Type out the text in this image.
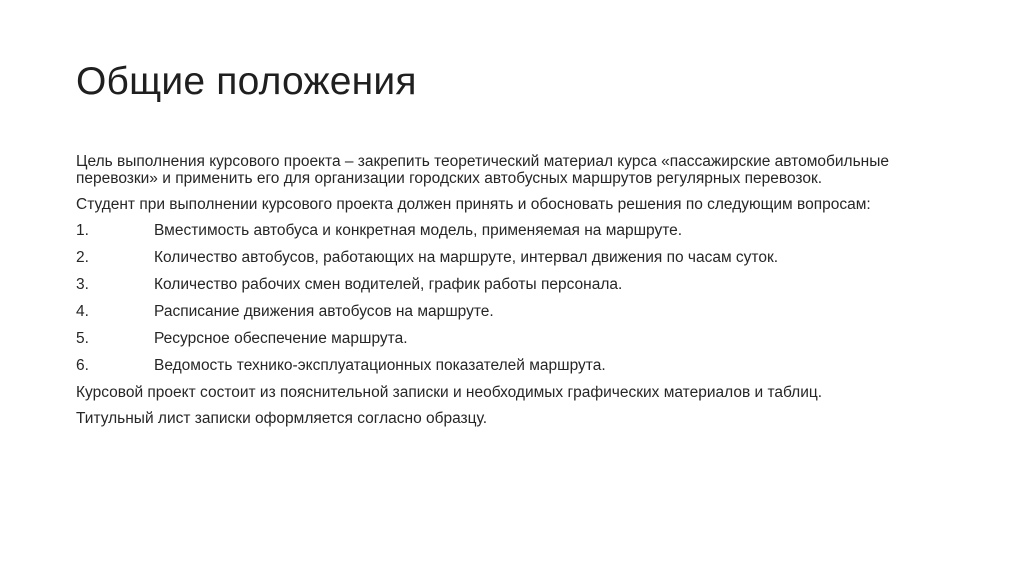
Общие положения

Цель выполнения курсового проекта – закрепить теоретический материал курса «пассажирские автомобильные перевозки» и применить его для организации городских автобусных маршрутов регулярных перевозок.

Студент при выполнении курсового проекта должен принять и обосновать решения по следующим вопросам:

1.	Вместимость автобуса и конкретная модель, применяемая на маршруте.
2.	Количество автобусов, работающих на маршруте, интервал движения по часам суток.
3.	Количество рабочих смен водителей, график работы персонала.
4.	Расписание движения автобусов на маршруте.
5.	Ресурсное обеспечение маршрута.
6.	Ведомость технико-эксплуатационных показателей маршрута.

Курсовой проект состоит из пояснительной записки и необходимых графических материалов и таблиц.

Титульный лист записки оформляется согласно образцу.
